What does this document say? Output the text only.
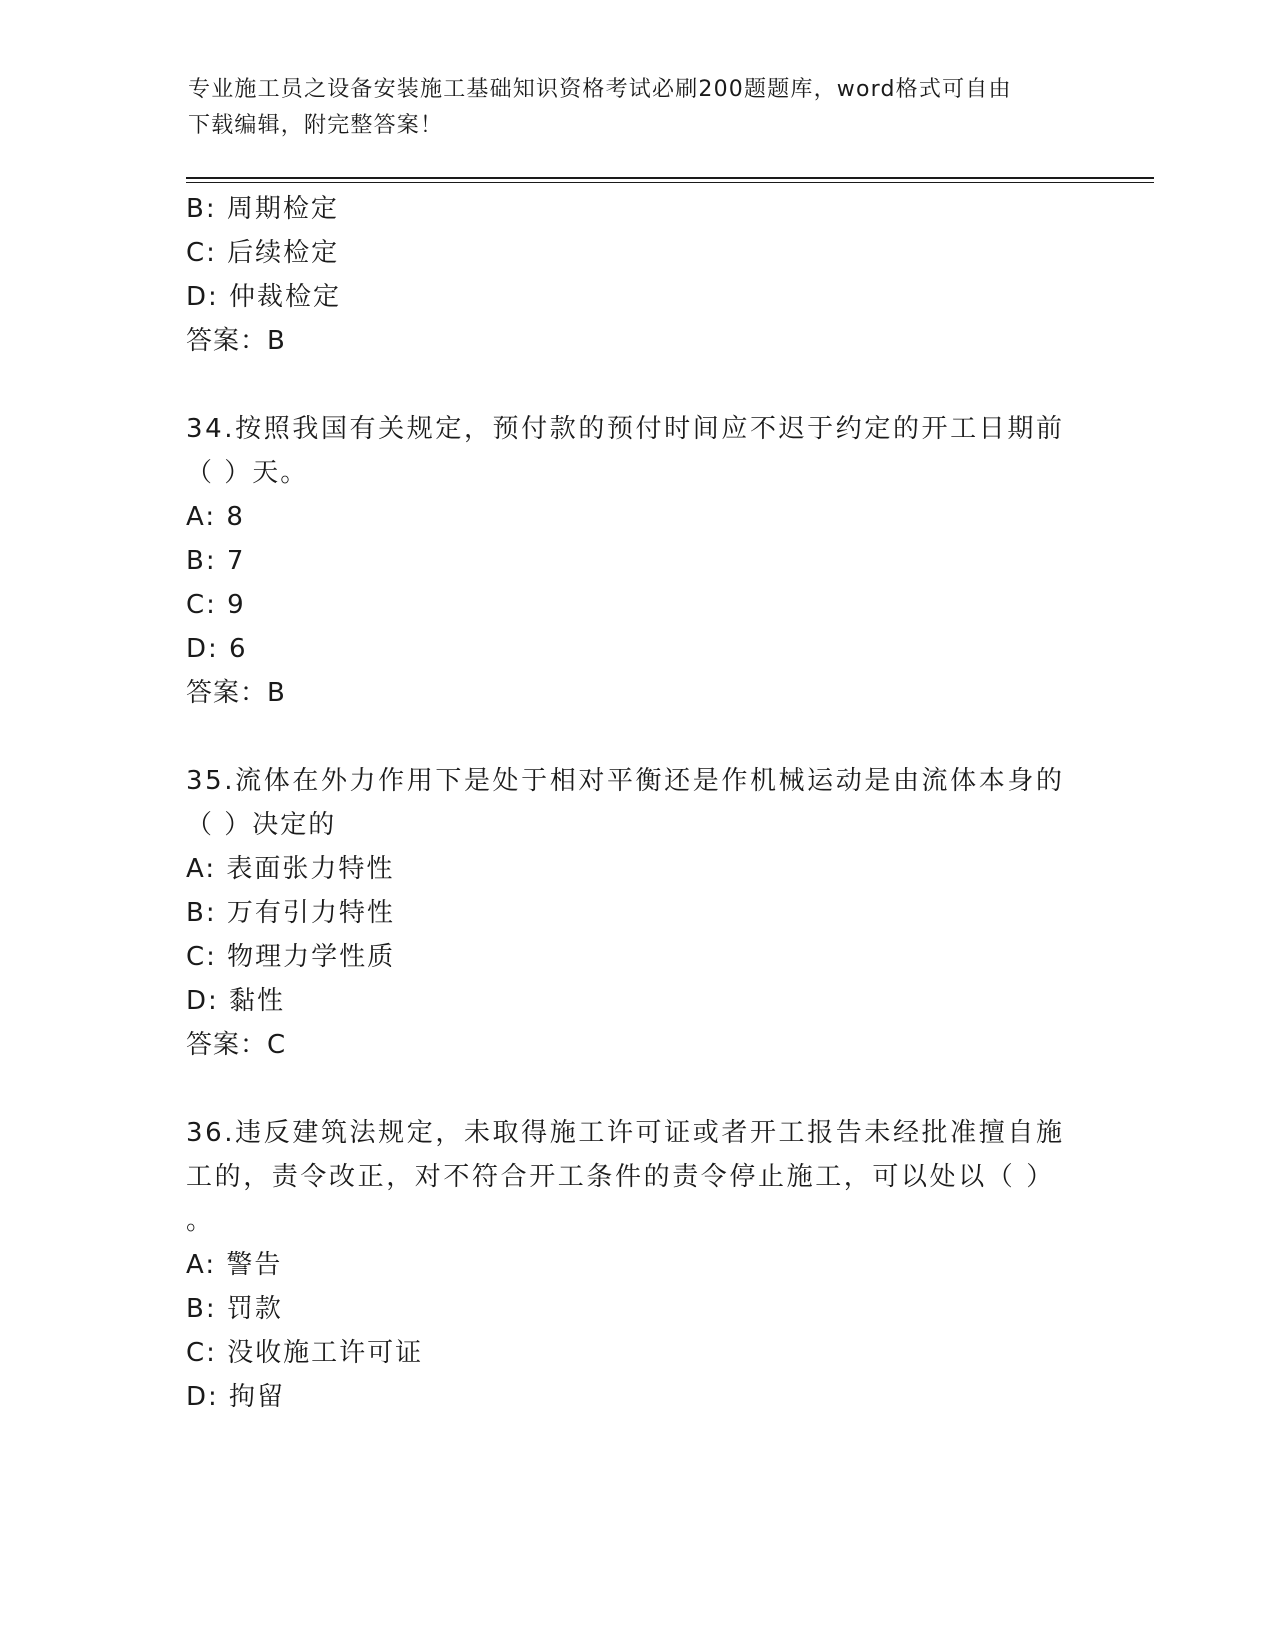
专业施工员之设备安装施工基础知识资格考试必刷200题题库，word格式可自由
下载编辑，附完整答案！
B: 周期检定
C: 后续检定
D: 仲裁检定
答案：B
34.按照我国有关规定，预付款的预付时间应不迟于约定的开工日期前
（ ）天。
A: 8
B: 7
C: 9
D: 6
答案：B
35.流体在外力作用下是处于相对平衡还是作机械运动是由流体本身的
（ ）决定的
A: 表面张力特性
B: 万有引力特性
C: 物理力学性质
D: 黏性
答案：C
36.违反建筑法规定，未取得施工许可证或者开工报告未经批准擅自施
工的，责令改正，对不符合开工条件的责令停止施工，可以处以（ ）
。
A: 警告
B: 罚款
C: 没收施工许可证
D: 拘留
